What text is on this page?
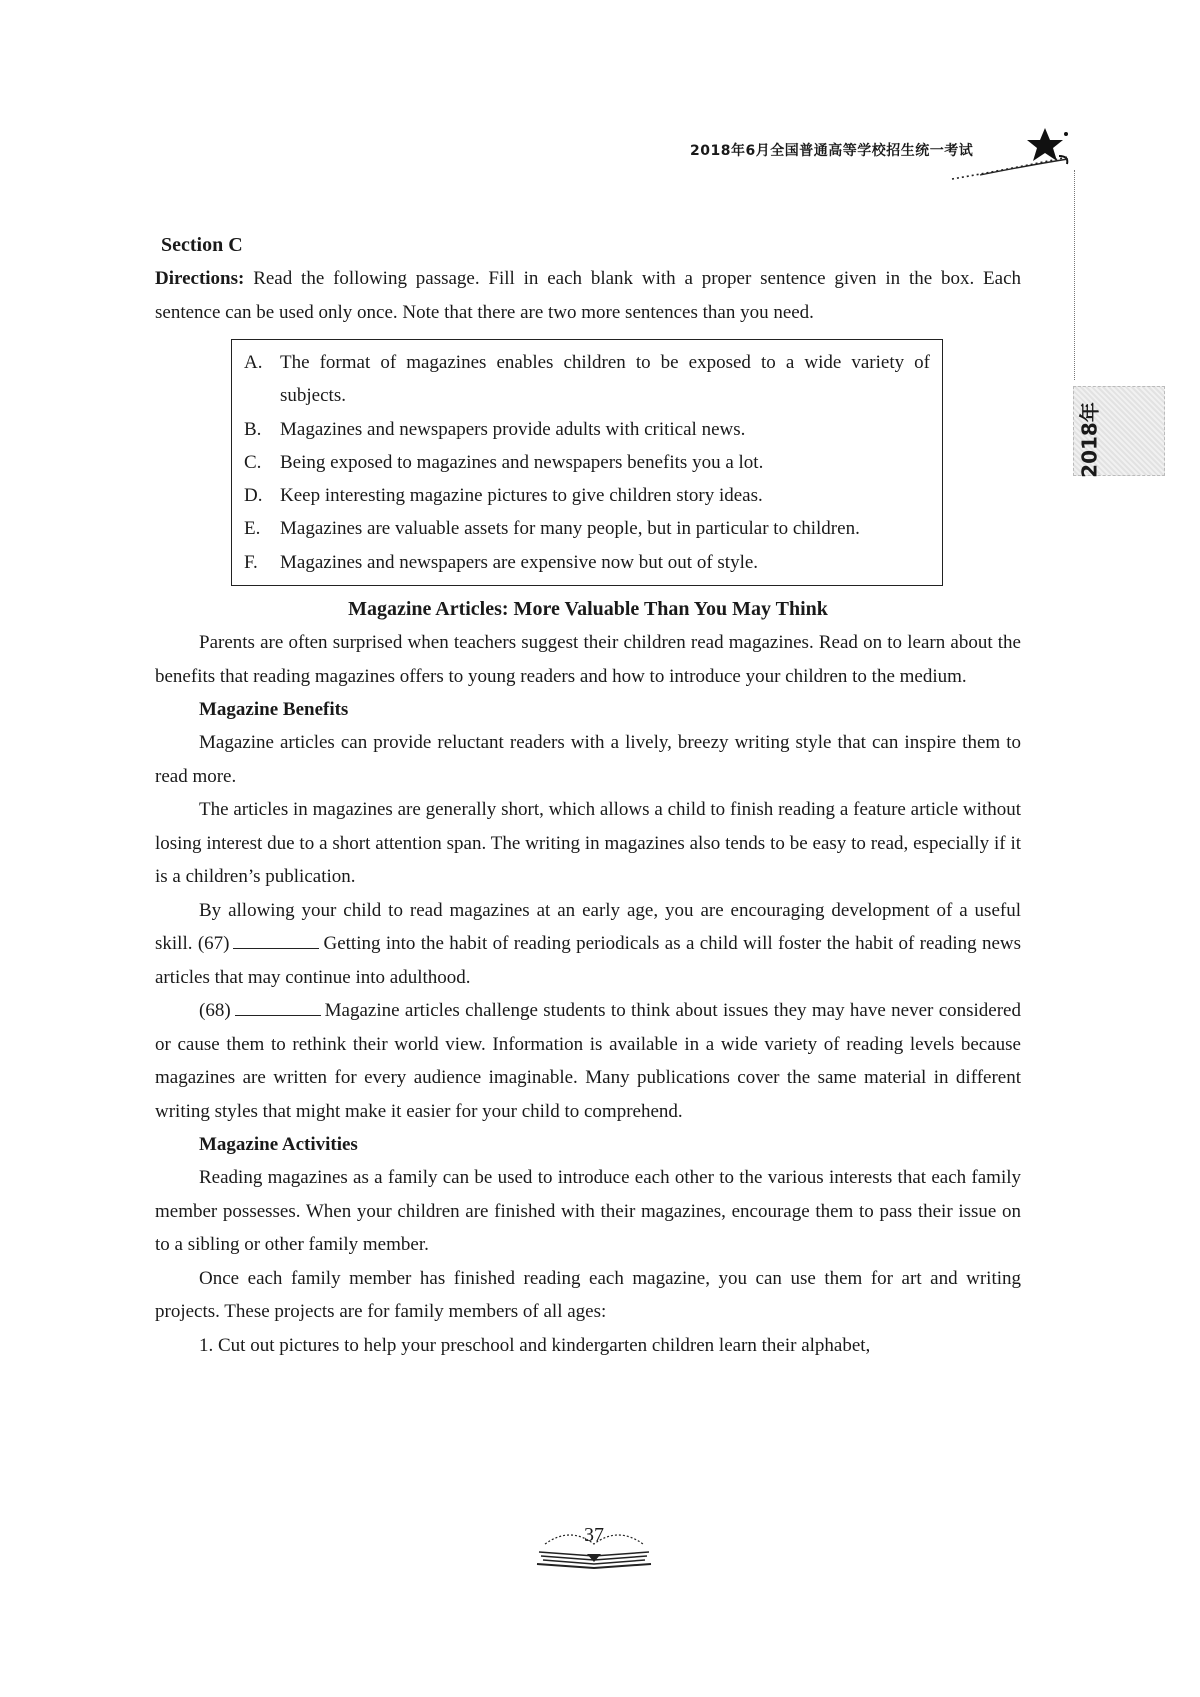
2018年6月全国普通高等学校招生统一考试
2018年
Section C

Directions: Read the following passage. Fill in each blank with a proper sentence given in the box. Each sentence can be used only once. Note that there are two more sentences than you need.

A. The format of magazines enables children to be exposed to a wide variety of subjects.
B. Magazines and newspapers provide adults with critical news.
C. Being exposed to magazines and newspapers benefits you a lot.
D. Keep interesting magazine pictures to give children story ideas.
E.	Magazines are valuable assets for many people, but in particular to children.
F.	Magazines and newspapers are expensive now but out of style.
Magazine Articles: More Valuable Than You May Think

Parents are often surprised when teachers suggest their children read magazines. Read on to learn about the benefits that reading magazines offers to young readers and how to introduce your children to the medium.

Magazine Benefits

Magazine articles can provide reluctant readers with a lively, breezy writing style that can inspire them to read more.

The articles in magazines are generally short, which allows a child to finish reading a feature article without losing interest due to a short attention span. The writing in magazines also tends to be easy to read, especially if it is a children’s publication.

By allowing your child to read magazines at an early age, you are encouraging development of a useful skill. (67)	Getting into the habit of reading periodicals as a child will foster the habit of reading news articles that may continue into adulthood.

(68)	Magazine articles challenge students to think about issues they may have never considered or cause them to rethink their world view. Information is available in a wide variety of reading levels because magazines are written for every audience imaginable. Many publications cover the same material in different writing styles that might make it easier for your child to comprehend.

Magazine Activities

Reading magazines as a family can be used to introduce each other to the various interests that each family member possesses. When your children are finished with their magazines, encourage them to pass their issue on to a sibling or other family member.

Once each family member has finished reading each magazine, you can use them for art and writing projects. These projects are for family members of all ages:

1. Cut out pictures to help your preschool and kindergarten children learn their alphabet,

37
